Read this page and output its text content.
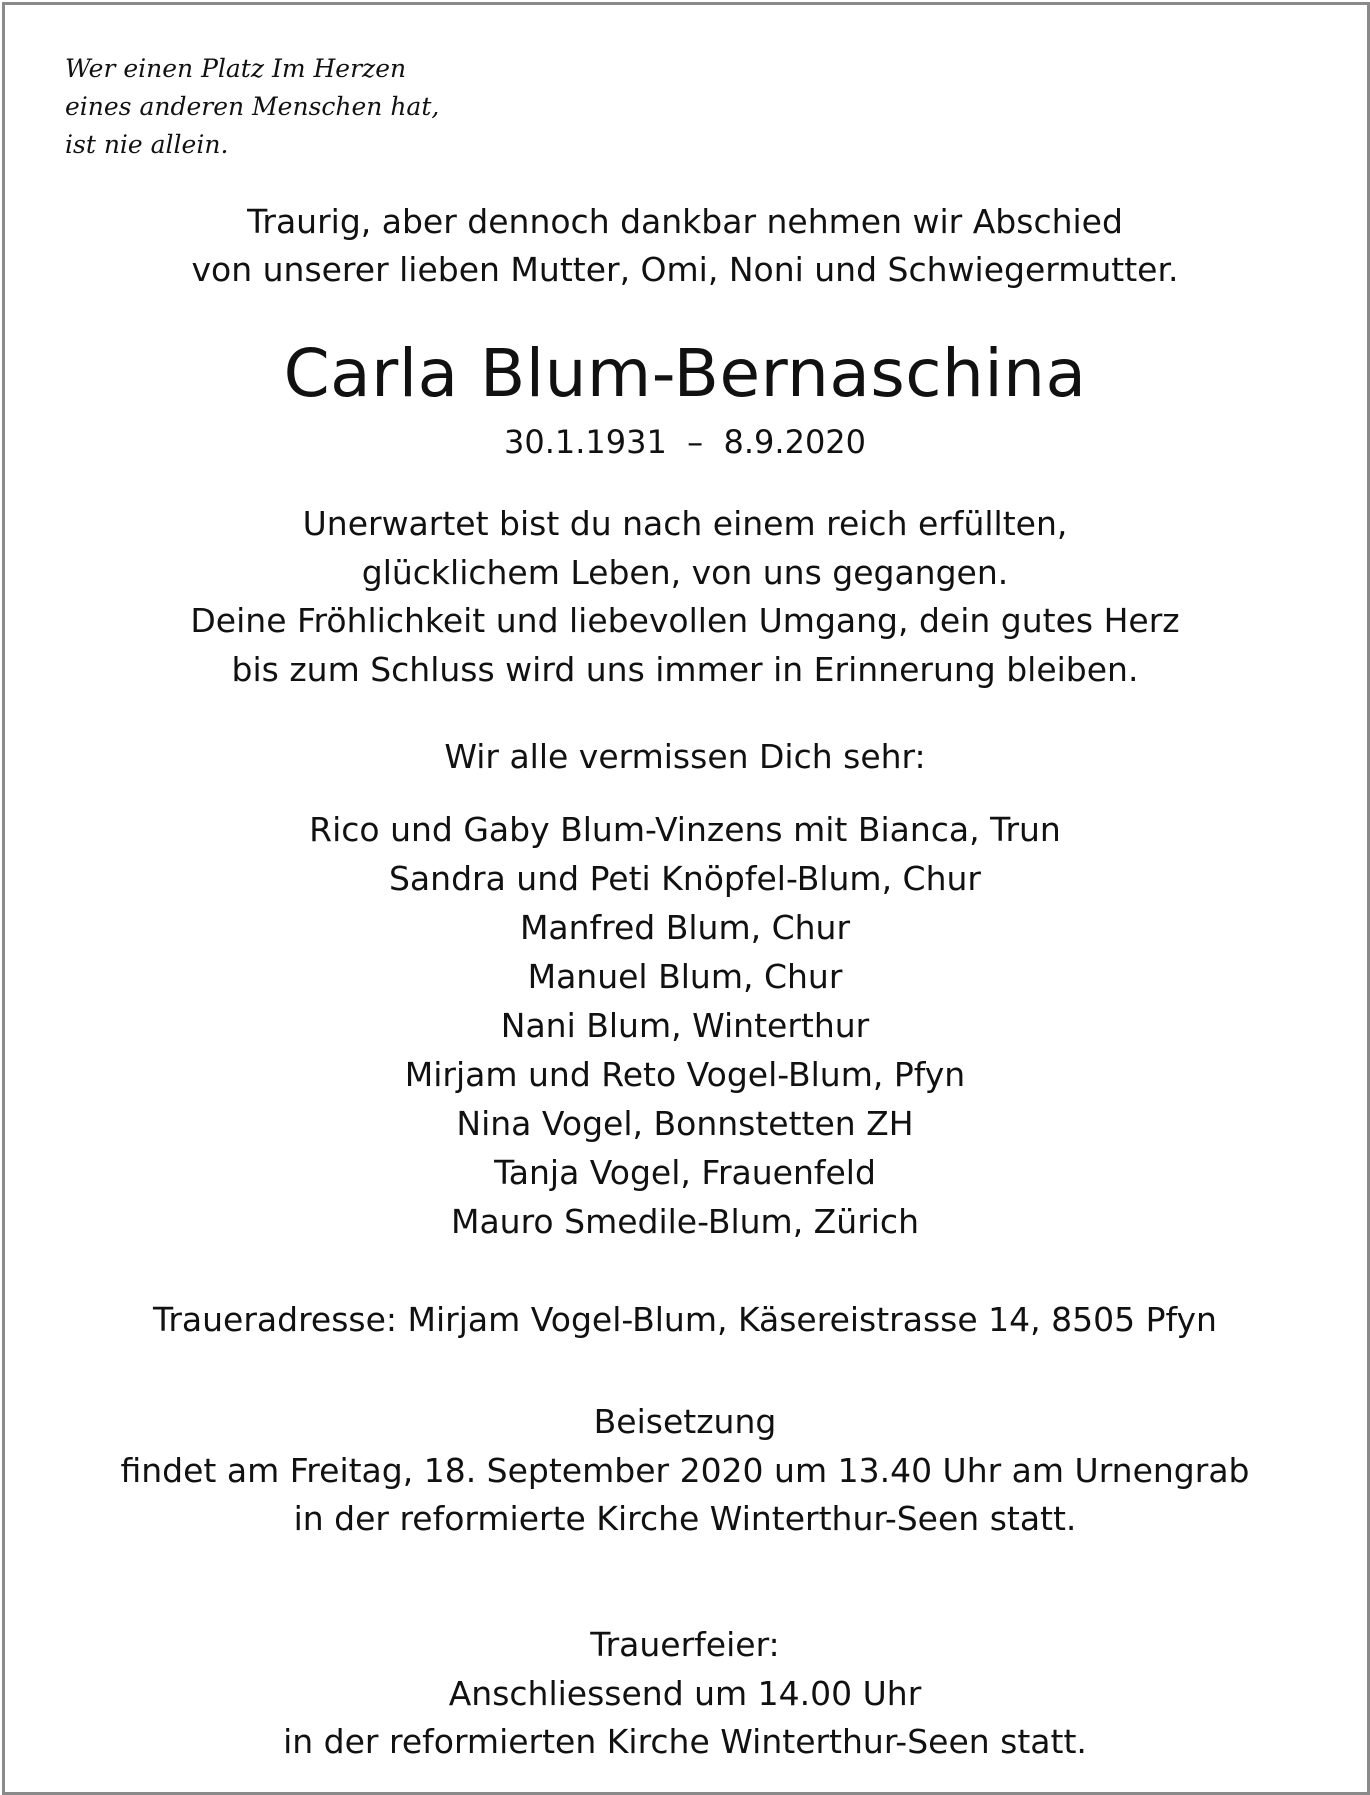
Wer einen Platz Im Herzen
eines anderen Menschen hat,
ist nie allein.
Traurig, aber dennoch dankbar nehmen wir Abschied
von unserer lieben Mutter, Omi, Noni und Schwiegermutter.
Carla Blum-Bernaschina
30.1.1931  –  8.9.2020
Unerwartet bist du nach einem reich erfüllten,
glücklichem Leben, von uns gegangen.
Deine Fröhlichkeit und liebevollen Umgang, dein gutes Herz
bis zum Schluss wird uns immer in Erinnerung bleiben.
Wir alle vermissen Dich sehr:
Rico und Gaby Blum-Vinzens mit Bianca, Trun
Sandra und Peti Knöpfel-Blum, Chur
Manfred Blum, Chur
Manuel Blum, Chur
Nani Blum, Winterthur
Mirjam und Reto Vogel-Blum, Pfyn
Nina Vogel, Bonnstetten ZH
Tanja Vogel, Frauenfeld
Mauro Smedile-Blum, Zürich
Traueradresse: Mirjam Vogel-Blum, Käsereistrasse 14, 8505 Pfyn
Beisetzung
findet am Freitag, 18. September 2020 um 13.40 Uhr am Urnengrab
in der reformierte Kirche Winterthur-Seen statt.
Trauerfeier:
Anschliessend um 14.00 Uhr
in der reformierten Kirche Winterthur-Seen statt.
